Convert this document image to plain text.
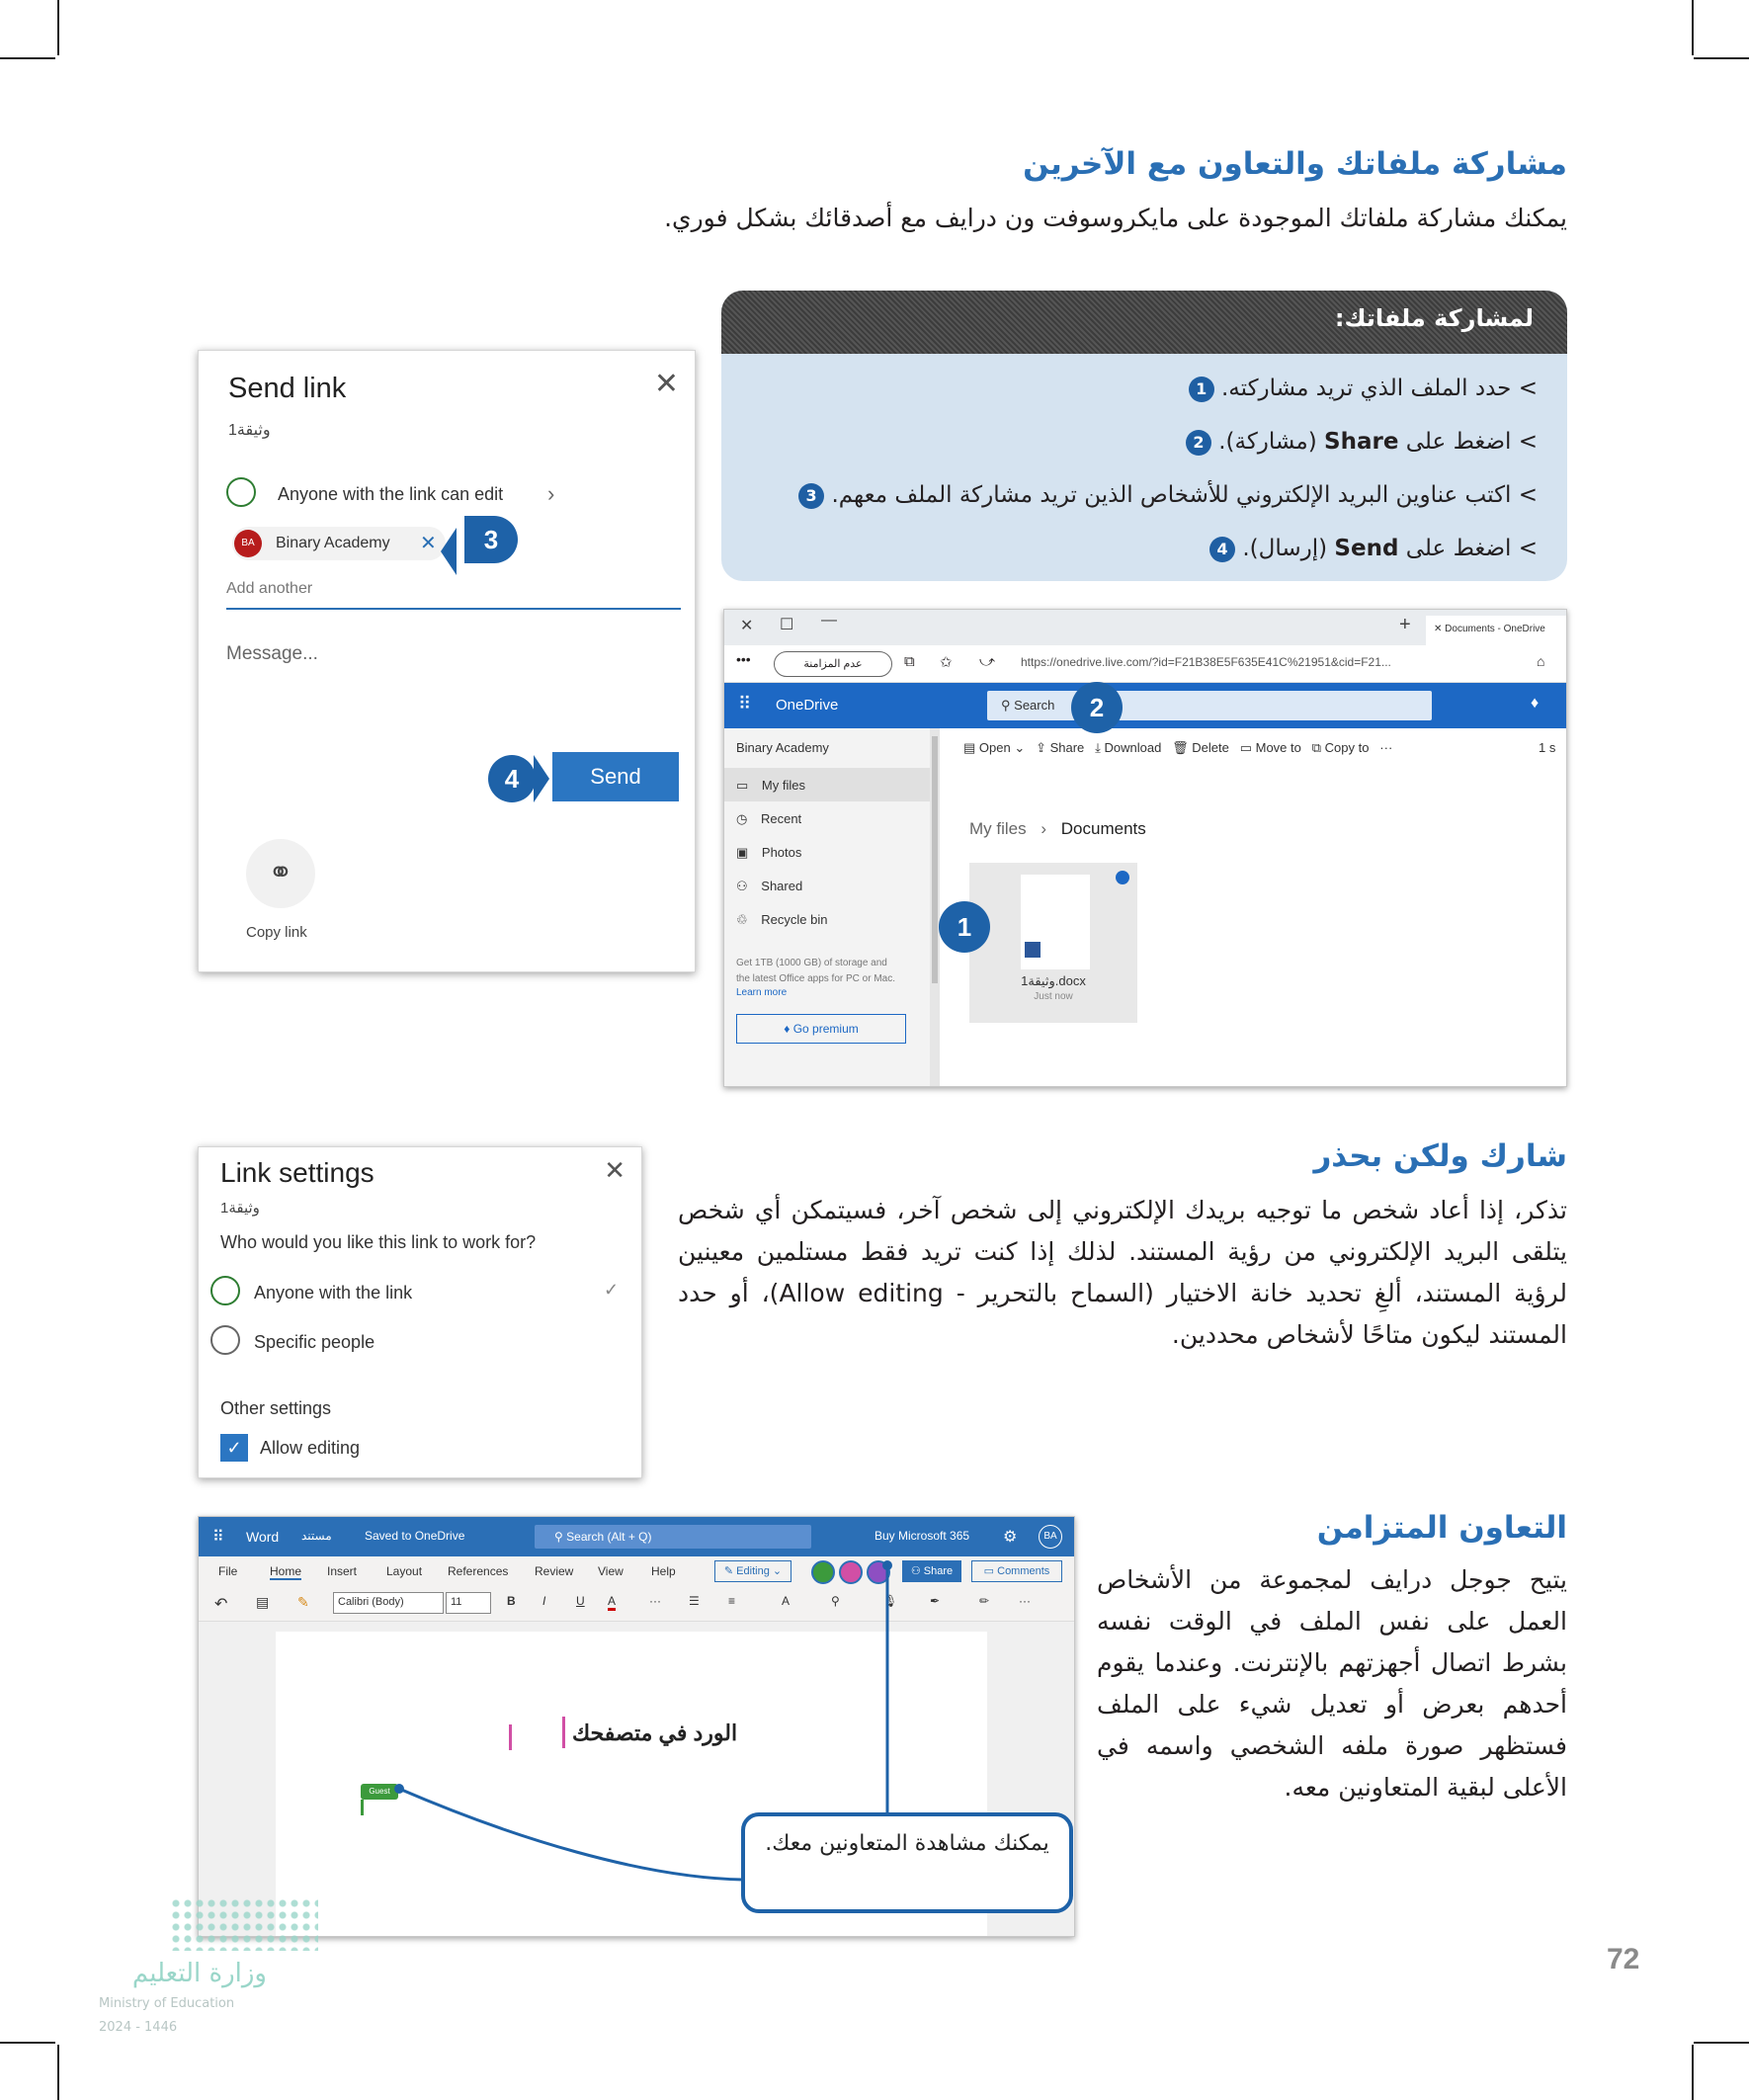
مشاركة ملفاتك والتعاون مع الآخرين
يمكنك مشاركة ملفاتك الموجودة على مايكروسوفت ون درايف مع أصدقائك بشكل فوري.
لمشاركة ملفاتك:
> حدد الملف الذي تريد مشاركته. 1
> اضغط على Share (مشاركة). 2
> اكتب عناوين البريد الإلكتروني للأشخاص الذين تريد مشاركة الملف معهم. 3
> اضغط على Send (إرسال). 4
Send link	✕
وثيقة1
Anyone with the link can edit ›
BA	Binary Academy ✕
Add another
Message...
Send
⚭
Copy link
3
4
✕ ☐ —	+	✕ Documents - OneDrive
•••	عدم المزامنة	⧉ ✩ ⤻ https://onedrive.live.com/?id=F21B38E5F635E41C%21951&cid=F21...	⌂
⠿ OneDrive	⚲ Search	♦
Binary Academy
▭ My files
◷ Recent
▣ Photos
⚇ Shared
♲ Recycle bin
Get 1TB (1000 GB) of storage and the latest Office apps for PC or Mac.
Learn more
♦ Go premium
▤ Open ⌄ ⇪ Share ⤓ Download 🗑 Delete ▭ Move to ⧉ Copy to ···	1 s
My files › Documents
وثيقة1.docx
Just now
2
1
شارك ولكن بحذر
تذكر، إذا أعاد شخص ما توجيه بريدك الإلكتروني إلى شخص آخر، فسيتمكن أي شخص يتلقى البريد الإلكتروني من رؤية المستند. لذلك إذا كنت تريد فقط مستلمين معينين لرؤية المستند، ألغِ تحديد خانة الاختيار (السماح بالتحرير - Allow editing)، أو حدد المستند ليكون متاحًا لأشخاص محددين.
Link settings	✕
وثيقة1
Who would you like this link to work for?
Anyone with the link	✓
Specific people
Other settings
✓	Allow editing
التعاون المتزامن
يتيح جوجل درايف لمجموعة من الأشخاص العمل على نفس الملف في الوقت نفسه بشرط اتصال أجهزتهم بالإنترنت. وعندما يقوم أحدهم بعرض أو تعديل شيء على الملف فستظهر صورة ملفه الشخصي واسمه في الأعلى لبقية المتعاونين معه.
⠿ Word مستند	Saved to OneDrive	⚲ Search (Alt + Q)	Buy Microsoft 365 ⚙	BA
File	Home Insert Layout References Review View Help	✎ Editing ⌄	⚇ Share	▭ Comments
↶ ▤ ✎	Calibri (Body)	11	B I	U A	··· ☰ ≡	A	⚲	🎙	✒	✏ ···
الورد في متصفحك
Guest
يمكنك مشاهدة المتعاونين معك.
وزارة التعليم
Ministry of Education
2024 - 1446
72
